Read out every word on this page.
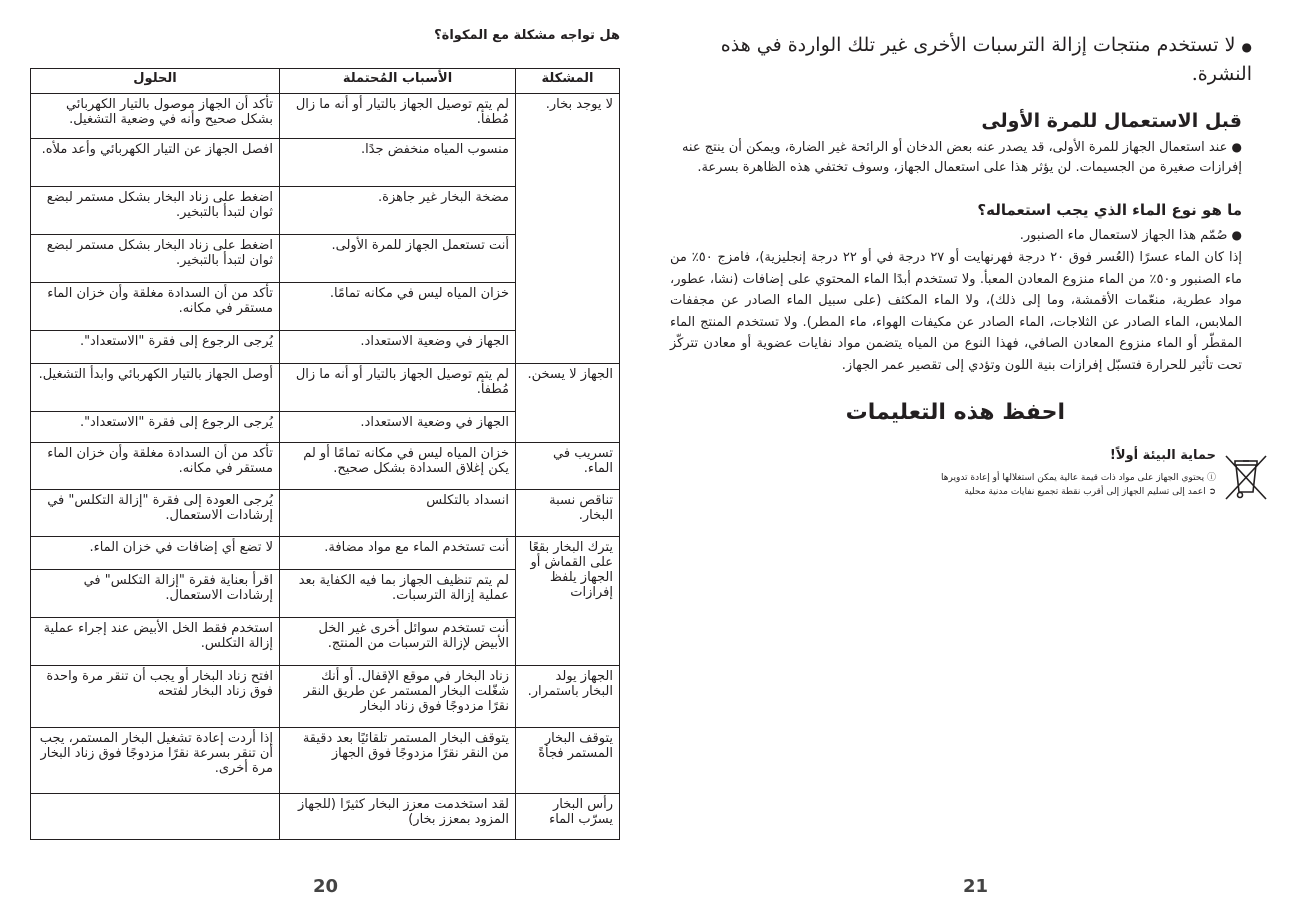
هل تواجه مشكلة مع المكواة؟
المشكلة	الأسباب المُحتملة	الحلول
لا يوجد بخار.	لم يتم توصيل الجهاز بالتيار أو أنه ما زال مُطفأ.	تأكد أن الجهاز موصول بالتيار الكهربائي بشكل صحيح وأنه في وضعية التشغيل.
	منسوب المياه منخفض جدًا.	افصل الجهاز عن التيار الكهربائي وأعد ملأه.
	مضخة البخار غير جاهزة.	اضغط على زناد البخار بشكل مستمر لبضع ثوان لتبدأ بالتبخير.
	أنت تستعمل الجهاز للمرة الأولى.	اضغط على زناد البخار بشكل مستمر لبضع ثوان لتبدأ بالتبخير.
	خزان المياه ليس في مكانه تمامًا.	تأكد من أن السدادة مغلقة وأن خزان الماء مستقر في مكانه.
	الجهاز في وضعية الاستعداد.	يُرجى الرجوع إلى فقرة "الاستعداد".
الجهاز لا يسخن.	لم يتم توصيل الجهاز بالتيار أو أنه ما زال مُطفأ.	أوصل الجهاز بالتيار الكهربائي وابدأ التشغيل.
	الجهاز في وضعية الاستعداد.	يُرجى الرجوع إلى فقرة "الاستعداد".
تسريب في الماء.	خزان المياه ليس في مكانه تمامًا أو لم يكن إغلاق السدادة بشكل صحيح.	تأكد من أن السدادة مغلقة وأن خزان الماء مستقر في مكانه.
تناقص نسبة البخار.	انسداد بالتكلس	يُرجى العودة إلى فقرة "إزالة التكلس" في إرشادات الاستعمال.
يترك البخار بقعًا على القماش أو الجهاز يلفظ إفرازات	أنت تستخدم الماء مع مواد مضافة.	لا تضع أي إضافات في خزان الماء.
	لم يتم تنظيف الجهاز بما فيه الكفاية بعد عملية إزالة الترسبات.	اقرأ بعناية فقرة "إزالة التكلس" في إرشادات الاستعمال.
	أنت تستخدم سوائل أخرى غير الخل الأبيض لإزالة الترسبات من المنتج.	استخدم فقط الخل الأبيض عند إجراء عملية إزالة التكلس.
الجهاز يولد البخار باستمرار.	زناد البخار في موقع الإقفال. أو أنك شغّلت البخار المستمر عن طريق النقر نقرًا مزدوجًا فوق زناد البخار	افتح زناد البخار أو يجب أن تنقر مرة واحدة فوق زناد البخار لفتحه
يتوقف البخار المستمر فجأةً	يتوقف البخار المستمر تلقائيًا بعد دقيقة من النقر نقرًا مزدوجًا فوق الجهاز	إذا أردت إعادة تشغيل البخار المستمر، يجب أن تنقر بسرعة نقرًا مزدوجًا فوق زناد البخار مرة أخرى.
رأس البخار يسرّب الماء	لقد استخدمت معزز البخار كثيرًا (للجهاز المزود بمعزز بخار)	
20
● لا تستخدم منتجات إزالة الترسبات الأخرى غير تلك الواردة في هذه النشرة.
قبل الاستعمال للمرة الأولى
● عند استعمال الجهاز للمرة الأولى، قد يصدر عنه بعض الدخان أو الرائحة غير الضارة، ويمكن أن ينتج عنه إفرازات صغيرة من الجسيمات. لن يؤثر هذا على استعمال الجهاز، وسوف تختفي هذه الظاهرة بسرعة.
ما هو نوع الماء الذي يجب استعماله؟
● صُمّم هذا الجهاز لاستعمال ماء الصنبور.
إذا كان الماء عسرًا (العُسر فوق ٢٠ درجة فهرنهايت أو ٢٧ درجة في أو ٢٢ درجة إنجليزية)، فامزج ٥٠٪ من ماء الصنبور و٥٠٪ من الماء منزوع المعادن المعبأ. ولا تستخدم أبدًا الماء المحتوي على إضافات (نشا، عطور، مواد عطرية، منعّمات الأقمشة، وما إلى ذلك)، ولا الماء المكثف (على سبيل الماء الصادر عن مجففات الملابس، الماء الصادر عن الثلاجات، الماء الصادر عن مكيفات الهواء، ماء المطر). ولا تستخدم المنتج الماء المقطّر أو الماء منزوع المعادن الصافي، فهذا النوع من المياه يتضمن مواد نفايات عضوية أو معادن تتركّز تحت تأثير للحرارة فتسبّل إفرازات بنية اللون وتؤدي إلى تقصير عمر الجهاز.
احفظ هذه التعليمات
حماية البيئة أولاً!
ⓘ يحتوي الجهاز على مواد ذات قيمة عالية يمكن استغلالها أو إعادة تدويرها
➲ اعمد إلى تسليم الجهاز إلى أقرب نقطة تجميع نفايات مدنية محلية
21
